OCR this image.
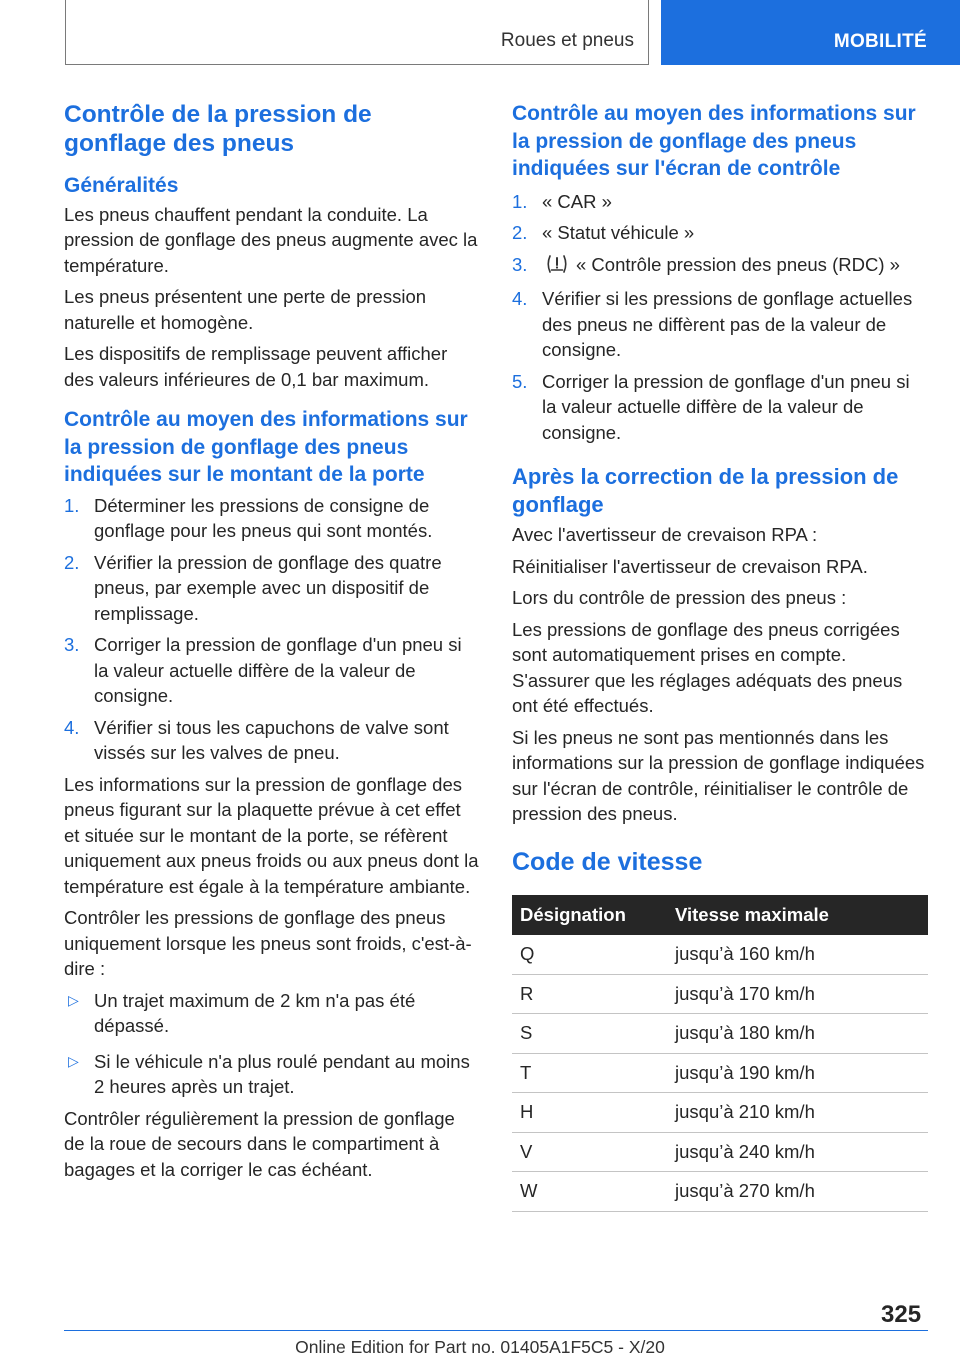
Roues et pneus	MOBILITÉ
Contrôle de la pression de gonflage des pneus
Généralités

Les pneus chauffent pendant la conduite. La pression de gonflage des pneus augmente avec la température.

Les pneus présentent une perte de pression naturelle et homogène.

Les dispositifs de remplissage peuvent afficher des valeurs inférieures de 0,1 bar maximum.

Contrôle au moyen des informations sur la pression de gonflage des pneus indiquées sur le montant de la porte
1. Déterminer les pressions de consigne de gonflage pour les pneus qui sont montés.
2. Vérifier la pression de gonflage des quatre pneus, par exemple avec un dispositif de remplissage.
3. Corriger la pression de gonflage d'un pneu si la valeur actuelle diffère de la valeur de consigne.
4. Vérifier si tous les capuchons de valve sont vissés sur les valves de pneu.

Les informations sur la pression de gonflage des pneus figurant sur la plaquette prévue à cet effet et située sur le montant de la porte, se réfèrent uniquement aux pneus froids ou aux pneus dont la température est égale à la température ambiante.

Contrôler les pressions de gonflage des pneus uniquement lorsque les pneus sont froids, c'est-à-dire :

▷ Un trajet maximum de 2 km n'a pas été dépassé.
▷ Si le véhicule n'a plus roulé pendant au moins 2 heures après un trajet.

Contrôler régulièrement la pression de gonflage de la roue de secours dans le compartiment à bagages et la corriger le cas échéant.

Contrôle au moyen des informations sur la pression de gonflage des pneus indiquées sur l'écran de contrôle
1. « CAR »
2. « Statut véhicule »
3.	« Contrôle pression des pneus (RDC) »
4. Vérifier si les pressions de gonflage actuelles des pneus ne diffèrent pas de la valeur de consigne.
5. Corriger la pression de gonflage d'un pneu si la valeur actuelle diffère de la valeur de consigne.
Après la correction de la pression de gonflage

Avec l'avertisseur de crevaison RPA :

Réinitialiser l'avertisseur de crevaison RPA.

Lors du contrôle de pression des pneus :

Les pressions de gonflage des pneus corrigées sont automatiquement prises en compte. S'assurer que les réglages adéquats des pneus ont été effectués.

Si les pneus ne sont pas mentionnés dans les informations sur la pression de gonflage indiquées sur l'écran de contrôle, réinitialiser le contrôle de pression des pneus.

Code de vitesse
Désignation	Vitesse maximale
Q	jusqu’à 160 km/h
R	jusqu’à 170 km/h
S	jusqu’à 180 km/h
T	jusqu’à 190 km/h
H	jusqu’à 210 km/h
V	jusqu’à 240 km/h
W	jusqu’à 270 km/h
325
Online Edition for Part no. 01405A1F5C5 - X/20
